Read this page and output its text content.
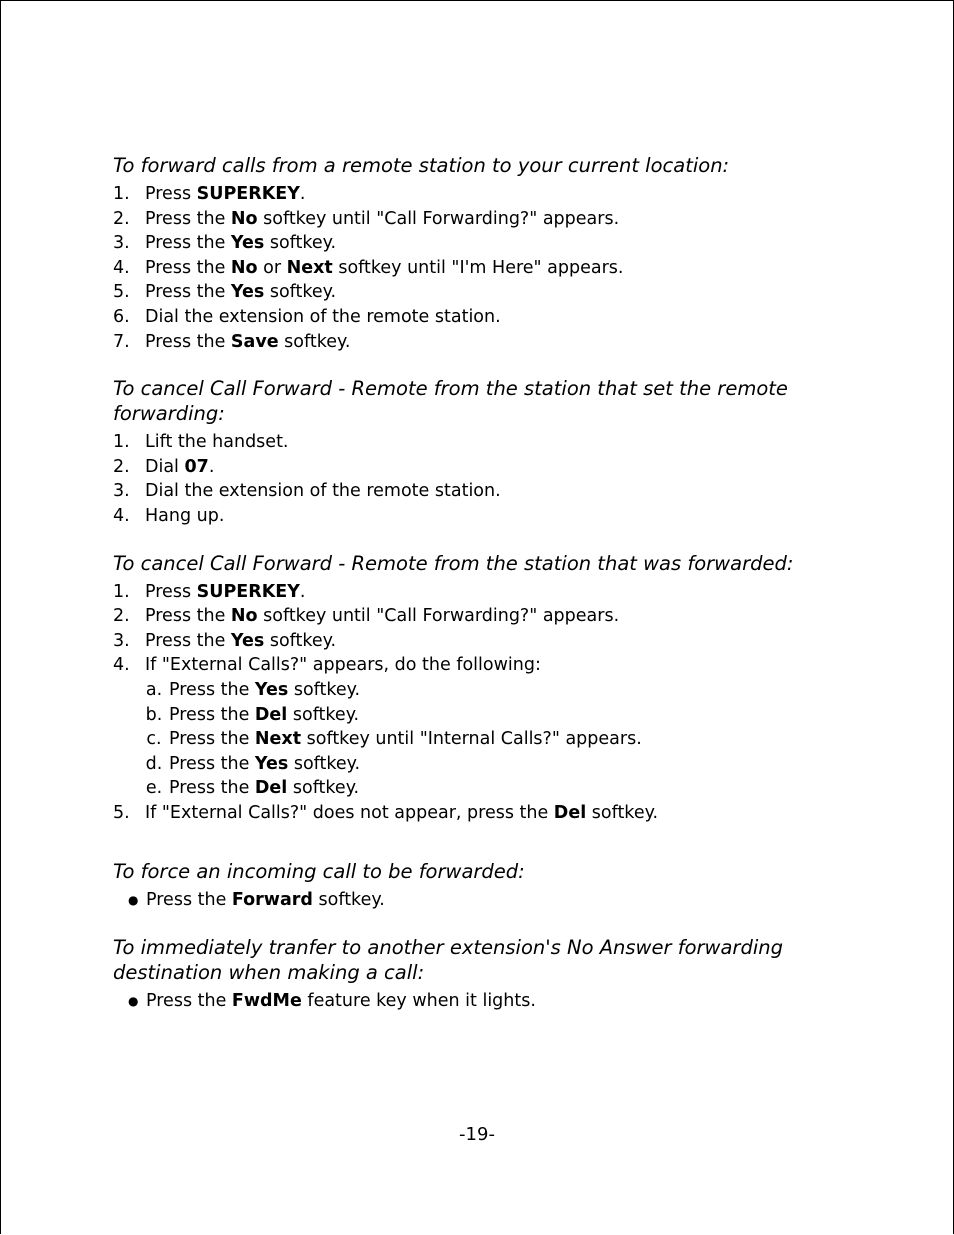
To forward calls from a remote station to your current location:
1. Press SUPERKEY.
2. Press the No softkey until "Call Forwarding?" appears.
3. Press the Yes softkey.
4. Press the No or Next softkey until "I'm Here" appears.
5. Press the Yes softkey.
6. Dial the extension of the remote station.
7. Press the Save softkey.
To cancel Call Forward - Remote from the station that set the remote forwarding:
1. Lift the handset.
2. Dial 07.
3. Dial the extension of the remote station.
4. Hang up.
To cancel Call Forward - Remote from the station that was forwarded:
1. Press SUPERKEY.
2. Press the No softkey until "Call Forwarding?" appears.
3. Press the Yes softkey.
4. If "External Calls?" appears, do the following:
a. Press the Yes softkey.
b. Press the Del softkey.
c. Press the Next softkey until "Internal Calls?" appears.
d. Press the Yes softkey.
e. Press the Del softkey.
5. If "External Calls?" does not appear, press the Del softkey.
To force an incoming call to be forwarded:
● Press the Forward softkey.
To immediately tranfer to another extension's No Answer forwarding destination when making a call:
● Press the FwdMe feature key when it lights.
-19-
